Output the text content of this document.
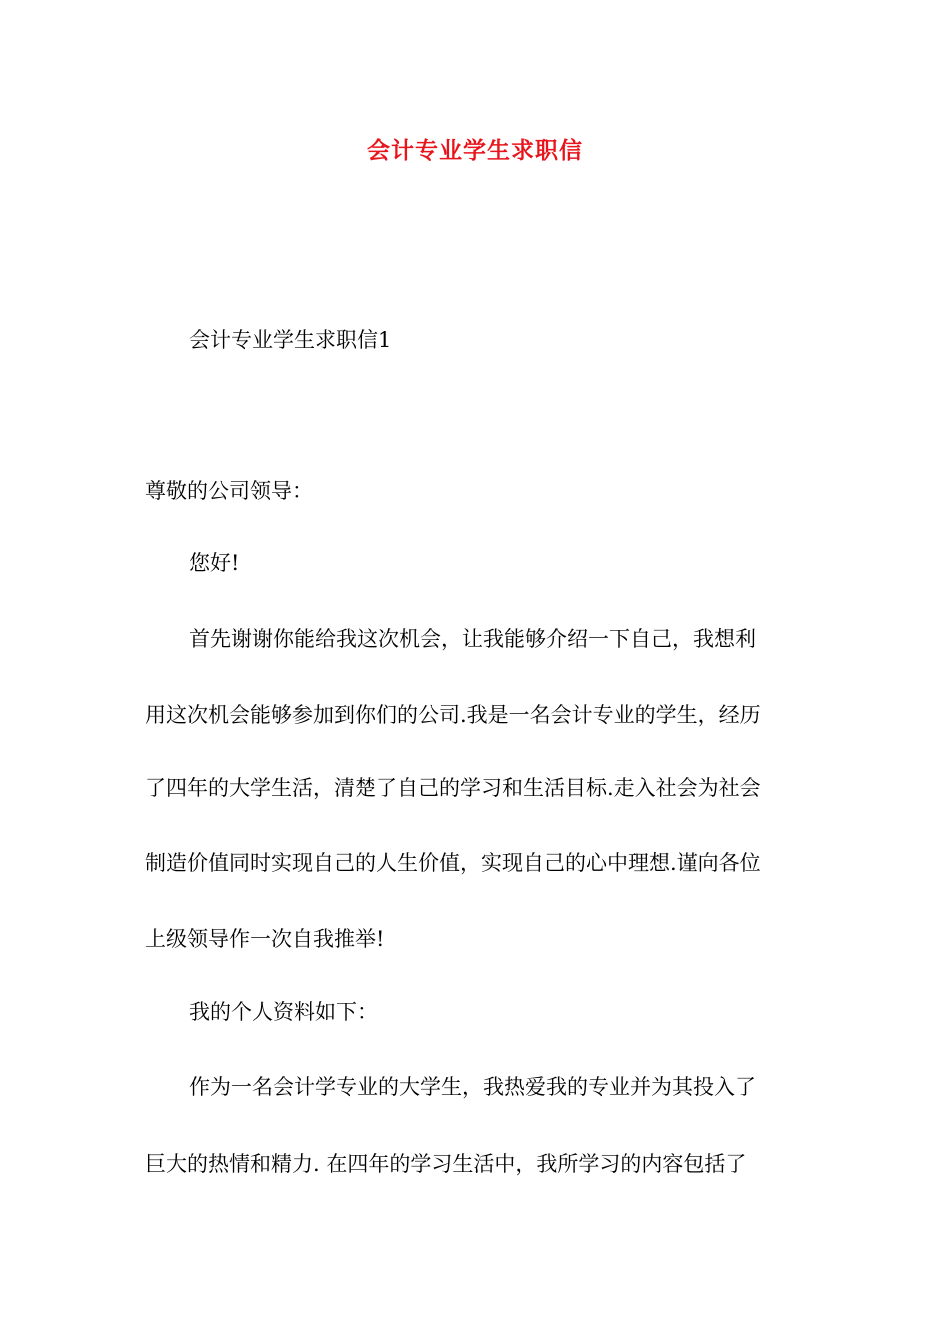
会计专业学生求职信
会计专业学生求职信1
尊敬的公司领导：
您好!
首先谢谢你能给我这次机会，让我能够介绍一下自己，我想利
用这次机会能够参加到你们的公司.我是一名会计专业的学生，经历
了四年的大学生活，清楚了自己的学习和生活目标.走入社会为社会
制造价值同时实现自己的人生价值，实现自己的心中理想.谨向各位
上级领导作一次自我推举!
我的个人资料如下：
作为一名会计学专业的大学生，我热爱我的专业并为其投入了
巨大的热情和精力. 在四年的学习生活中，我所学习的内容包括了
